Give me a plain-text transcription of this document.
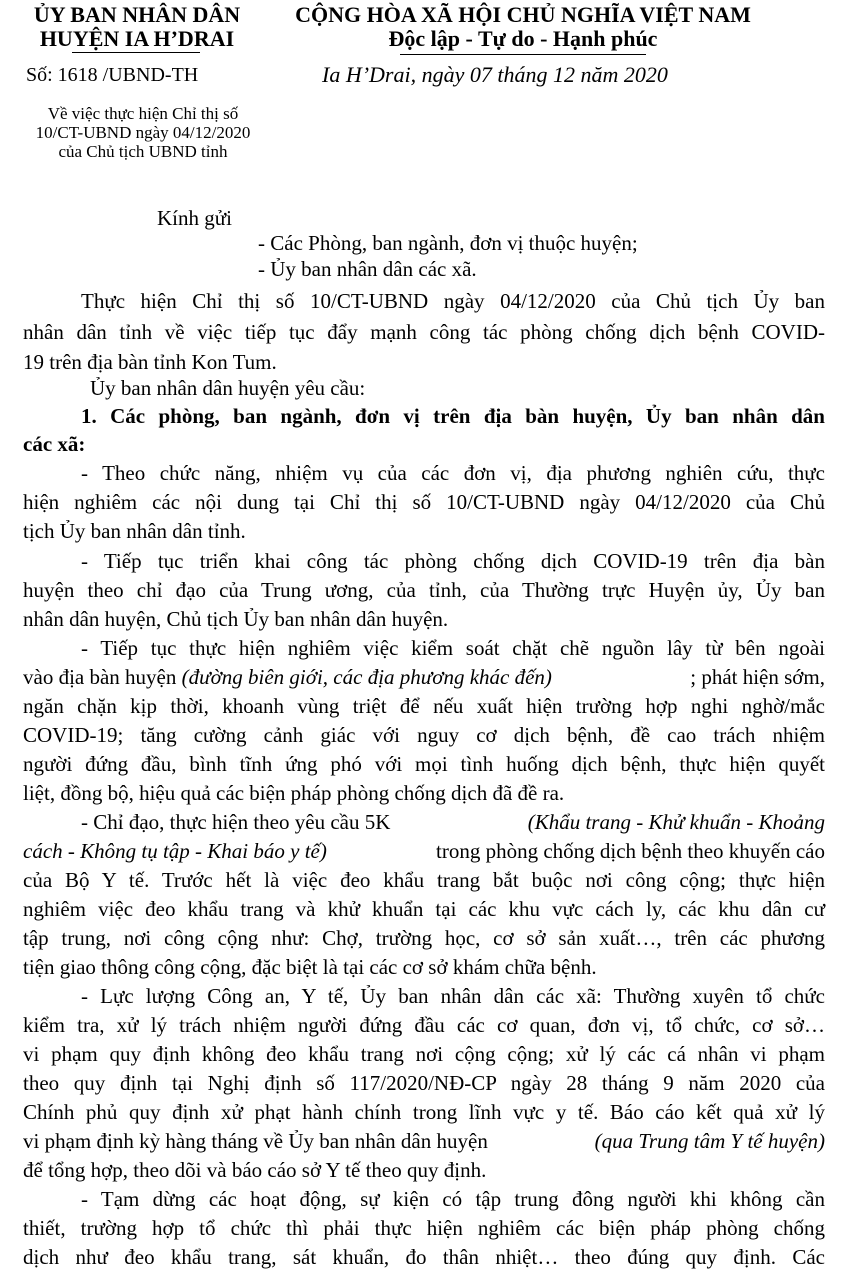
ỦY BAN NHÂN DÂN
HUYỆN IA H’DRAI
CỘNG HÒA XÃ HỘI CHỦ NGHĨA VIỆT NAM
Độc lập - Tự do - Hạnh phúc
Số: 1618 /UBND-TH	Ia H’Drai, ngày 07 tháng 12 năm 2020
Về việc thực hiện Chỉ thị số
10/CT-UBND ngày 04/12/2020
của Chủ tịch UBND tỉnh
Kính gửi
- Các Phòng, ban ngành, đơn vị thuộc huyện;
- Ủy ban nhân dân các xã.
Thực hiện Chỉ thị số 10/CT-UBND ngày 04/12/2020 của Chủ tịch Ủy ban
nhân dân tỉnh về việc tiếp tục đẩy mạnh công tác phòng chống dịch bệnh COVID-
19 trên địa bàn tỉnh Kon Tum.
Ủy ban nhân dân huyện yêu cầu:
1. Các phòng, ban ngành, đơn vị trên địa bàn huyện, Ủy ban nhân dân
các xã:
- Theo chức năng, nhiệm vụ của các đơn vị, địa phương nghiên cứu, thực
hiện nghiêm các nội dung tại Chỉ thị số 10/CT-UBND ngày 04/12/2020 của Chủ
tịch Ủy ban nhân dân tỉnh.
- Tiếp tục triển khai công tác phòng chống dịch COVID-19 trên địa bàn
huyện theo chỉ đạo của Trung ương, của tỉnh, của Thường trực Huyện ủy, Ủy ban
nhân dân huyện, Chủ tịch Ủy ban nhân dân huyện.
- Tiếp tục thực hiện nghiêm việc kiểm soát chặt chẽ nguồn lây từ bên ngoài
vào địa bàn huyện (đường biên giới, các địa phương khác đến)	; phát hiện sớm,
ngăn chặn kịp thời, khoanh vùng triệt để nếu xuất hiện trường hợp nghi nghờ/mắc
COVID-19; tăng cường cảnh giác với nguy cơ dịch bệnh, đề cao trách nhiệm
người đứng đầu, bình tĩnh ứng phó với mọi tình huống dịch bệnh, thực hiện quyết
liệt, đồng bộ, hiệu quả các biện pháp phòng chống dịch đã đề ra.
- Chỉ đạo, thực hiện theo yêu cầu 5K	(Khẩu trang - Khử khuẩn - Khoảng
cách - Không tụ tập - Khai báo y tế)	trong phòng chống dịch bệnh theo khuyến cáo
của Bộ Y tế. Trước hết là việc đeo khẩu trang bắt buộc nơi công cộng; thực hiện
nghiêm việc đeo khẩu trang và khử khuẩn tại các khu vực cách ly, các khu dân cư
tập trung, nơi công cộng như: Chợ, trường học, cơ sở sản xuất…, trên các phương
tiện giao thông công cộng, đặc biệt là tại các cơ sở khám chữa bệnh.
- Lực lượng Công an, Y tế, Ủy ban nhân dân các xã: Thường xuyên tổ chức
kiểm tra, xử lý trách nhiệm người đứng đầu các cơ quan, đơn vị, tổ chức, cơ sở…
vi phạm quy định không đeo khẩu trang nơi cộng cộng; xử lý các cá nhân vi phạm
theo quy định tại Nghị định số 117/2020/NĐ-CP ngày 28 tháng 9 năm 2020 của
Chính phủ quy định xử phạt hành chính trong lĩnh vực y tế. Báo cáo kết quả xử lý
vi phạm định kỳ hàng tháng về Ủy ban nhân dân huyện	(qua Trung tâm Y tế huyện)
để tổng hợp, theo dõi và báo cáo sở Y tế theo quy định.
- Tạm dừng các hoạt động, sự kiện có tập trung đông người khi không cần
thiết, trường hợp tổ chức thì phải thực hiện nghiêm các biện pháp phòng chống
dịch như đeo khẩu trang, sát khuẩn, đo thân nhiệt… theo đúng quy định. Các
